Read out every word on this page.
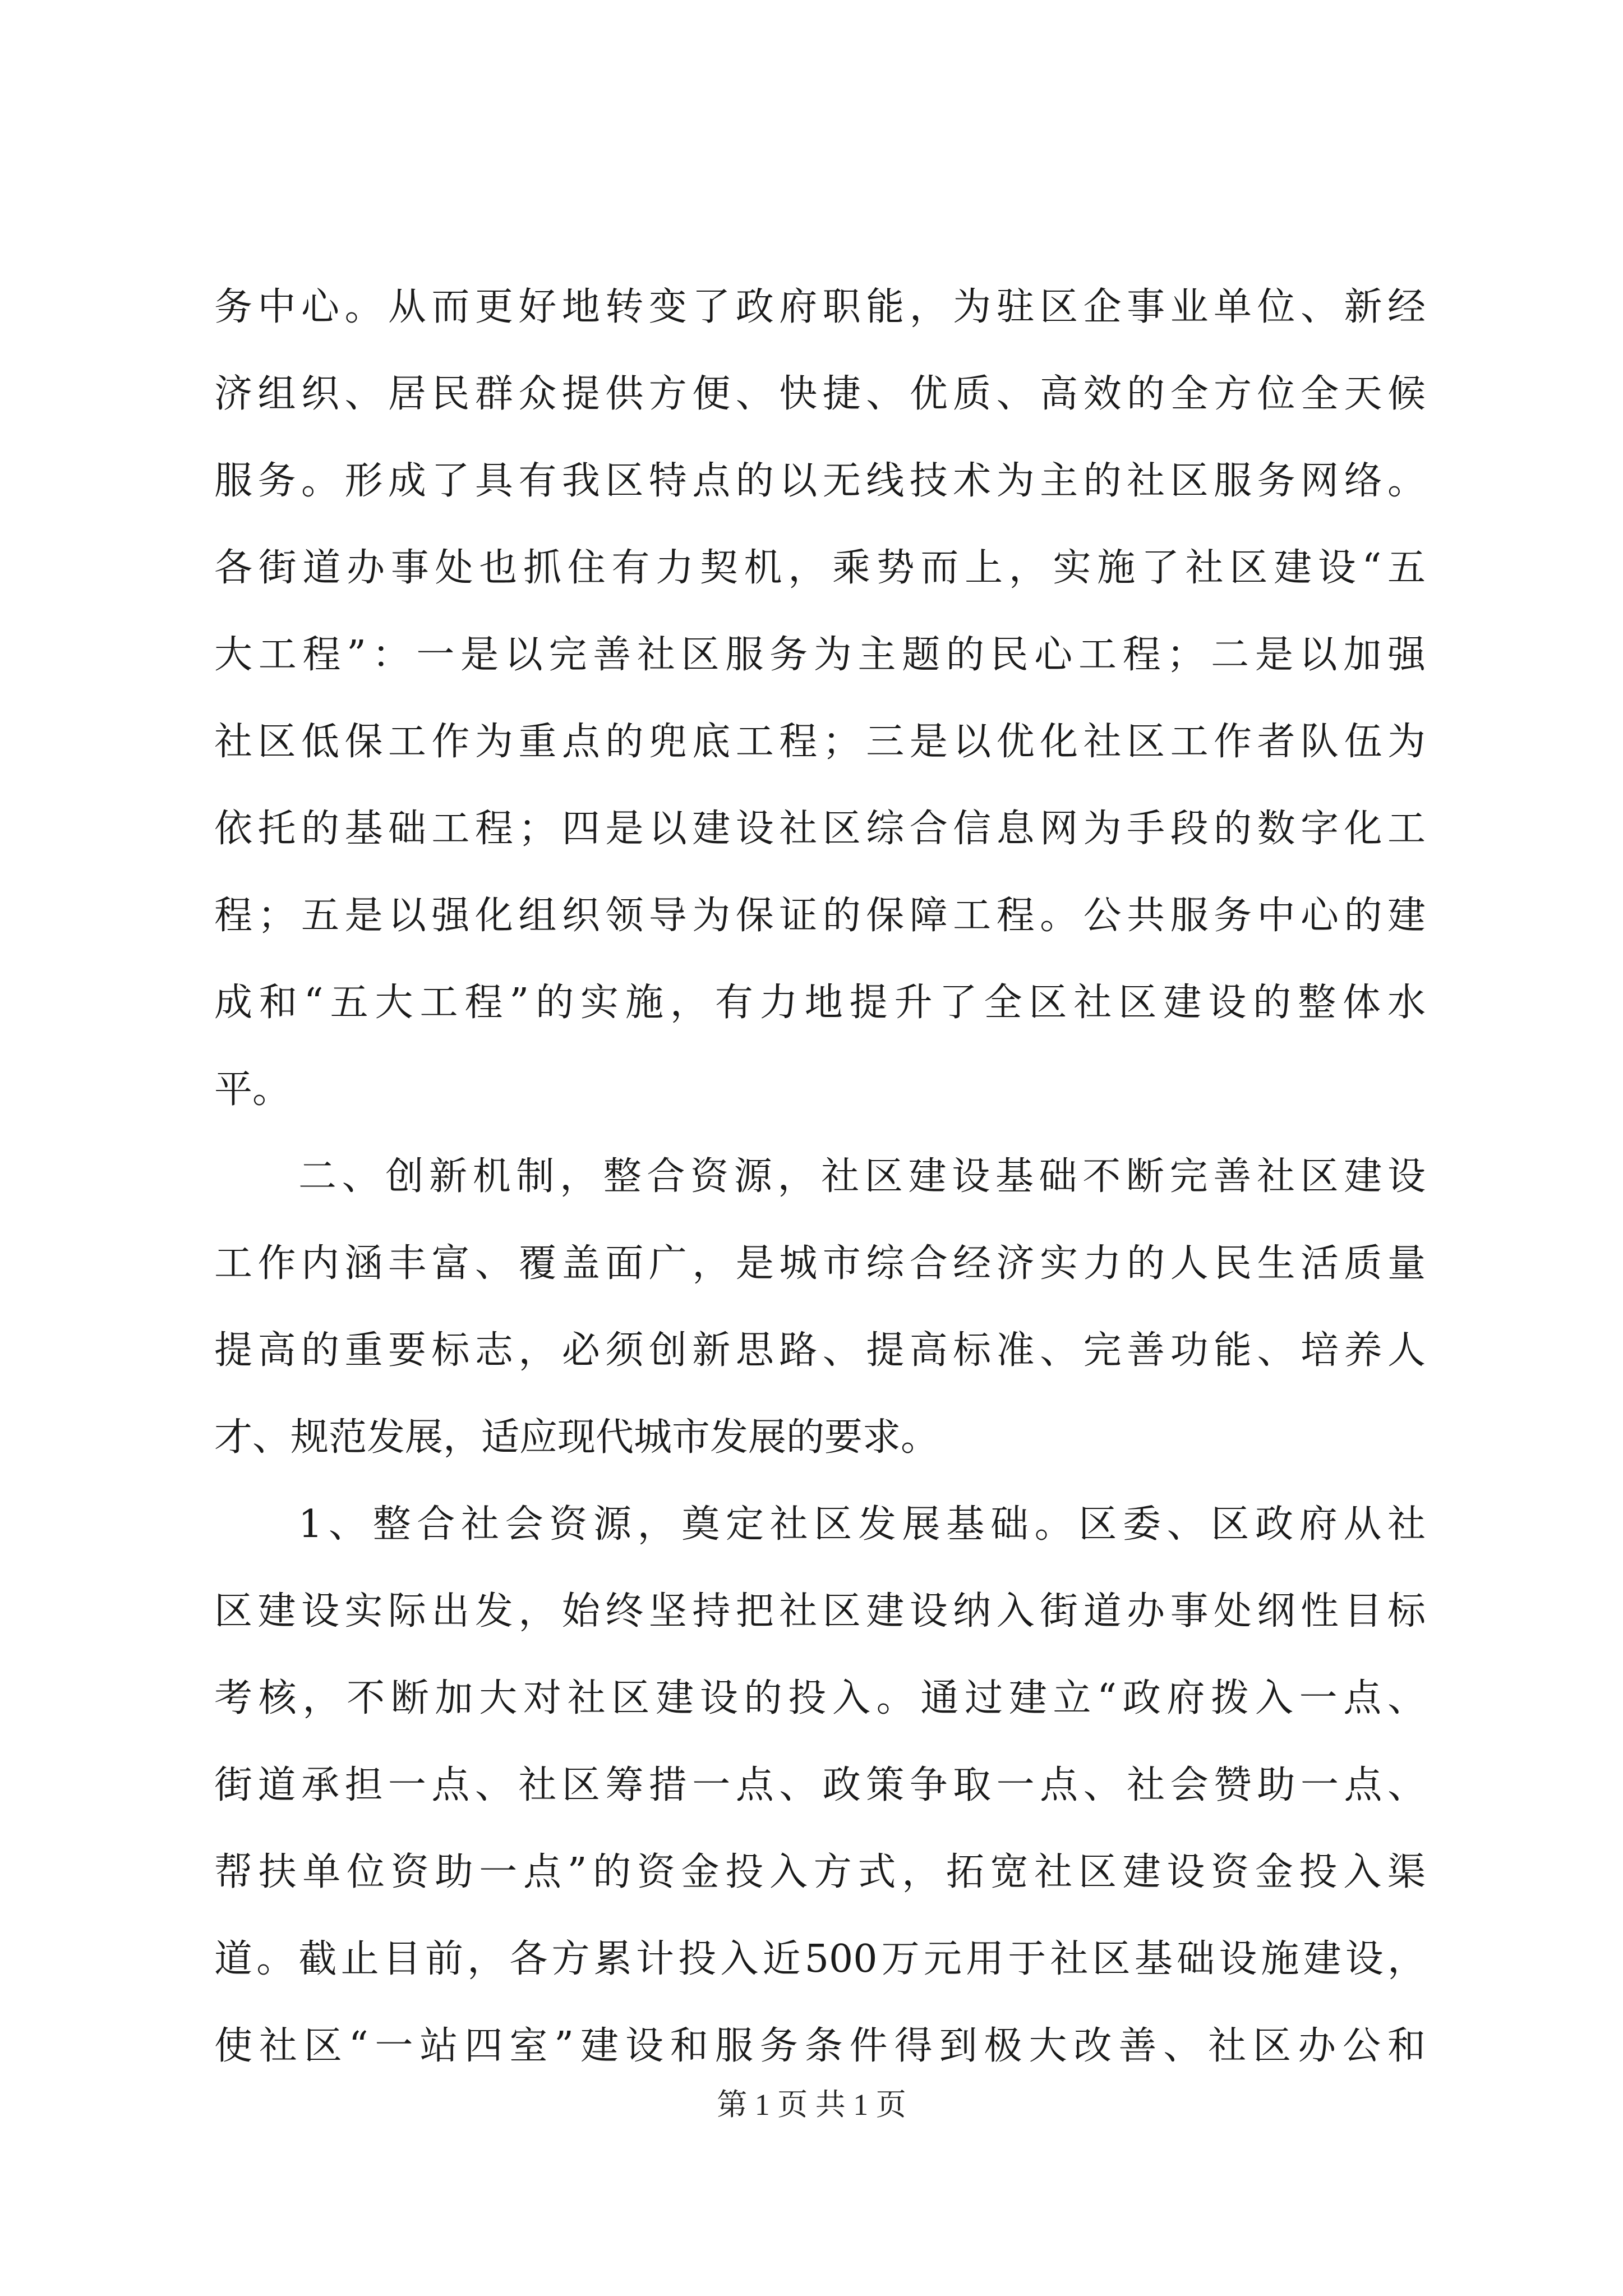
务中心。从而更好地转变了政府职能，为驻区企事业单位、新经
济组织、居民群众提供方便、快捷、优质、高效的全方位全天候
服务。形成了具有我区特点的以无线技术为主的社区服务网络。
各街道办事处也抓住有力契机，乘势而上，实施了社区建设“五
大工程”：一是以完善社区服务为主题的民心工程；二是以加强
社区低保工作为重点的兜底工程；三是以优化社区工作者队伍为
依托的基础工程；四是以建设社区综合信息网为手段的数字化工
程；五是以强化组织领导为保证的保障工程。公共服务中心的建
成和“五大工程”的实施，有力地提升了全区社区建设的整体水
平。
二、创新机制，整合资源，社区建设基础不断完善社区建设
工作内涵丰富、覆盖面广，是城市综合经济实力的人民生活质量
提高的重要标志，必须创新思路、提高标准、完善功能、培养人
才、规范发展，适应现代城市发展的要求。
1、整合社会资源，奠定社区发展基础。区委、区政府从社
区建设实际出发，始终坚持把社区建设纳入街道办事处纲性目标
考核，不断加大对社区建设的投入。通过建立“政府拨入一点、
街道承担一点、社区筹措一点、政策争取一点、社会赞助一点、
帮扶单位资助一点”的资金投入方式，拓宽社区建设资金投入渠
道。截止目前，各方累计投入近500万元用于社区基础设施建设，
使社区“一站四室”建设和服务条件得到极大改善、社区办公和
第 1 页 共 1 页
